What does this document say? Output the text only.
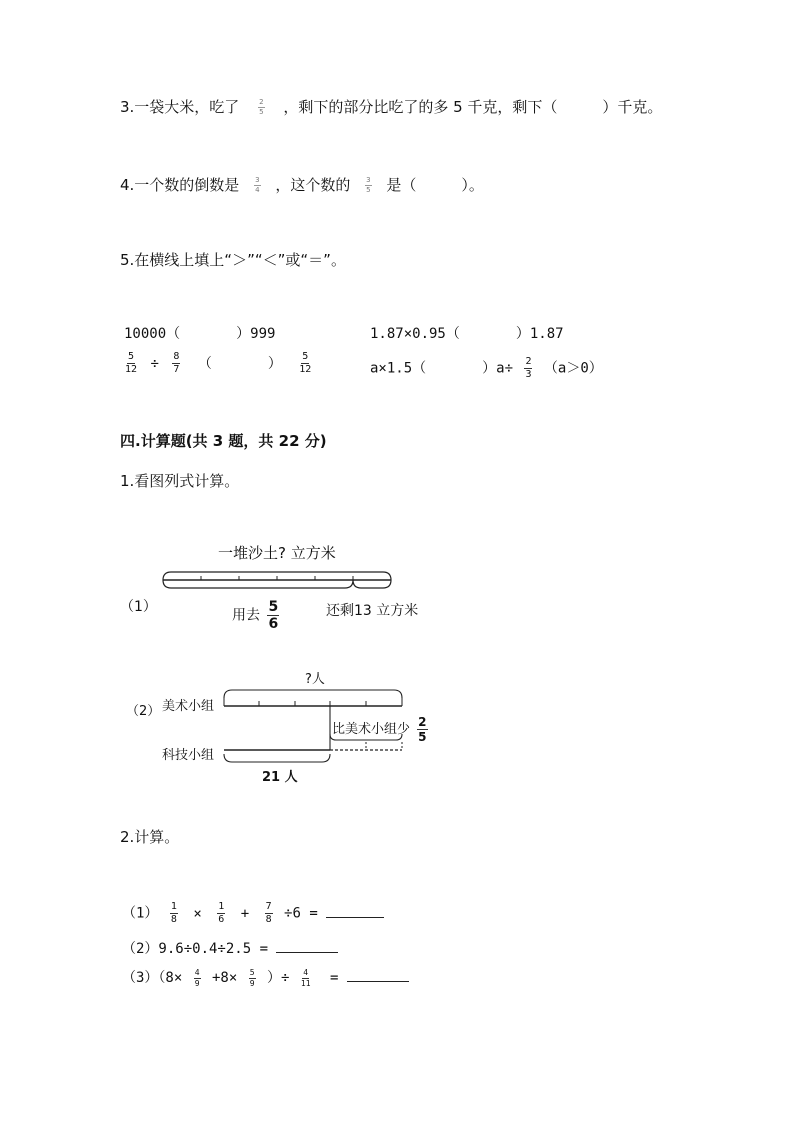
3.一袋大米，吃了	$\frac{2}{5}$ ，剩下的部分比吃了的多 5 千克，剩下（　　　）千克。
4.一个数的倒数是 $\frac{3}{4}$ ，这个数的 $\frac{3}{5}$ 是（　　　）。
5.在横线上填上“＞”“＜”或“＝”。
10000（　　　　）999	1.87×0.95（　　　　）1.87
$\frac{5}{12} \div \frac{8}{7}$ （　　　　） $\frac{5}{12}$	a×1.5（　　　　）$a\div \frac{2}{3} (a>0)$
四.计算题(共 3 题，共 22 分)
1.看图列式计算。
（1）
一堆沙土? 立方米
用去 $\frac{5}{6}$	还剩13 立方米
（2）
?人
美术小组
科技小组
比美术小组少 $\frac{2}{5}$
21 人
2.计算。
$(1) \frac{1}{8} \times \frac{1}{6} + \frac{7}{8} \div 6$ =
（2）9.6÷0.4÷2.5 =
$(3)(8\times \frac{4}{9} +8\times \frac{5}{9}$ ）÷ $\frac{4}{11}$ =
